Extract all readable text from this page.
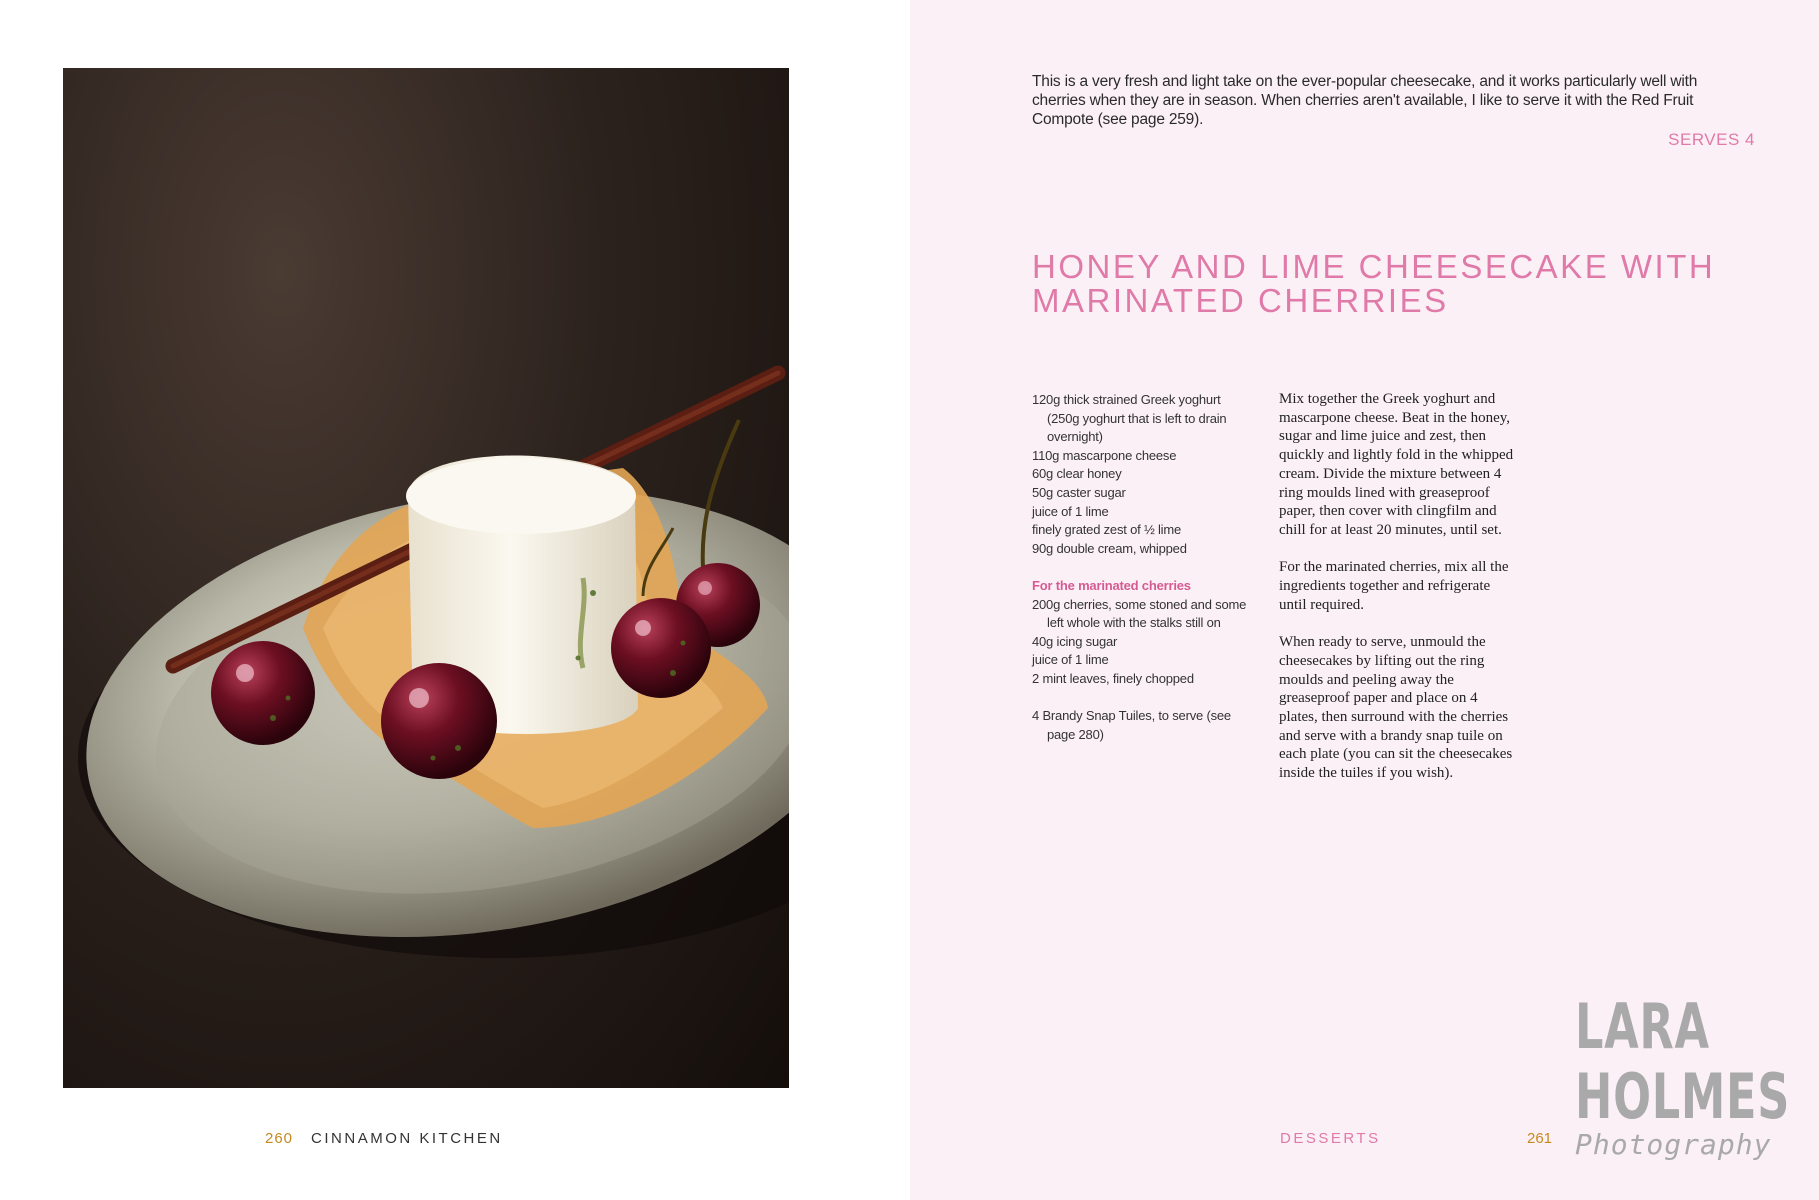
260 CINNAMON KITCHEN
This is a very fresh and light take on the ever-popular cheesecake, and it works particularly well with cherries when they are in season. When cherries aren't available, I like to serve it with the Red Fruit Compote (see page 259).
SERVES 4
HONEY AND LIME CHEESECAKE WITH MARINATED CHERRIES
120g thick strained Greek yoghurt (250g yoghurt that is left to drain overnight)
110g mascarpone cheese
60g clear honey
50g caster sugar
juice of 1 lime
finely grated zest of ½ lime
90g double cream, whipped
For the marinated cherries
200g cherries, some stoned and some left whole with the stalks still on
40g icing sugar
juice of 1 lime
2 mint leaves, finely chopped
4 Brandy Snap Tuiles, to serve (see page 280)

Mix together the Greek yoghurt and mascarpone cheese. Beat in the honey, sugar and lime juice and zest, then quickly and lightly fold in the whipped cream. Divide the mixture between 4 ring moulds lined with greaseproof paper, then cover with clingfilm and chill for at least 20 minutes, until set.

For the marinated cherries, mix all the ingredients together and refrigerate until required.

When ready to serve, unmould the cheesecakes by lifting out the ring moulds and peeling away the greaseproof paper and place on 4 plates, then surround with the cherries and serve with a brandy snap tuile on each plate (you can sit the cheesecakes inside the tuiles if you wish).

DESSERTS	261
LARA
HOLMES
Photography
